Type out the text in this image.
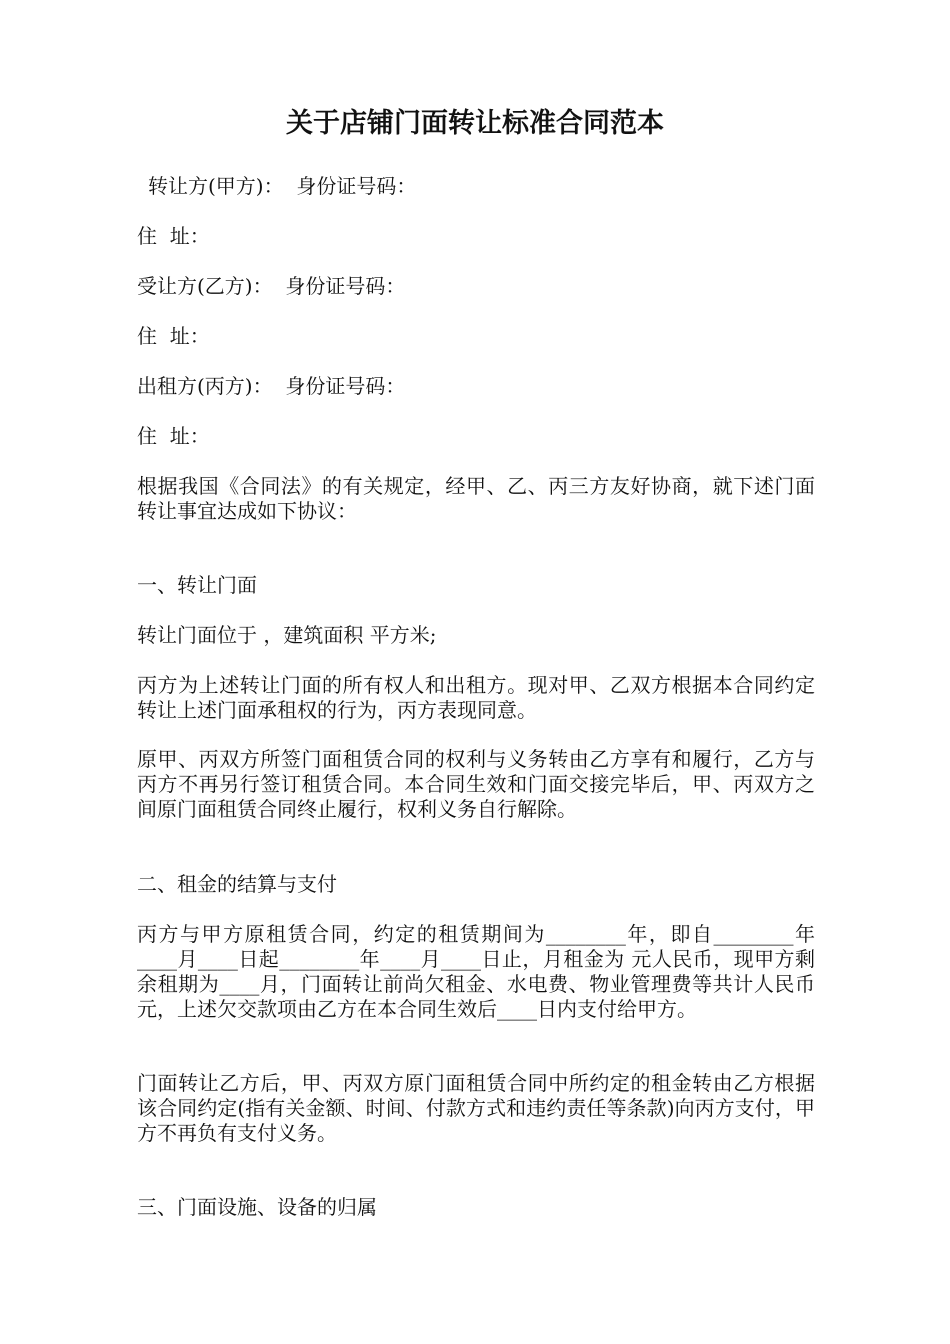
关于店铺门面转让标准合同范本

转让方(甲方)：  身份证号码：

住  址：

受让方(乙方)：  身份证号码：

住  址：

出租方(丙方)：  身份证号码：

住  址：

根据我国《合同法》的有关规定，经甲、乙、丙三方友好协商，就下述门面转让事宜达成如下协议：

一、转让门面

转让门面位于 ，建筑面积 平方米;

丙方为上述转让门面的所有权人和出租方。现对甲、乙双方根据本合同约定转让上述门面承租权的行为，丙方表现同意。

原甲、丙双方所签门面租赁合同的权利与义务转由乙方享有和履行，乙方与丙方不再另行签订租赁合同。本合同生效和门面交接完毕后，甲、丙双方之间原门面租赁合同终止履行，权利义务自行解除。

二、租金的结算与支付

丙方与甲方原租赁合同，约定的租赁期间为________年，即自________年____月____日起________年____月____日止，月租金为 元人民币，现甲方剩余租期为____月，门面转让前尚欠租金、水电费、物业管理费等共计人民币 元，上述欠交款项由乙方在本合同生效后____日内支付给甲方。

门面转让乙方后，甲、丙双方原门面租赁合同中所约定的租金转由乙方根据该合同约定(指有关金额、时间、付款方式和违约责任等条款)向丙方支付，甲方不再负有支付义务。

三、门面设施、设备的归属
